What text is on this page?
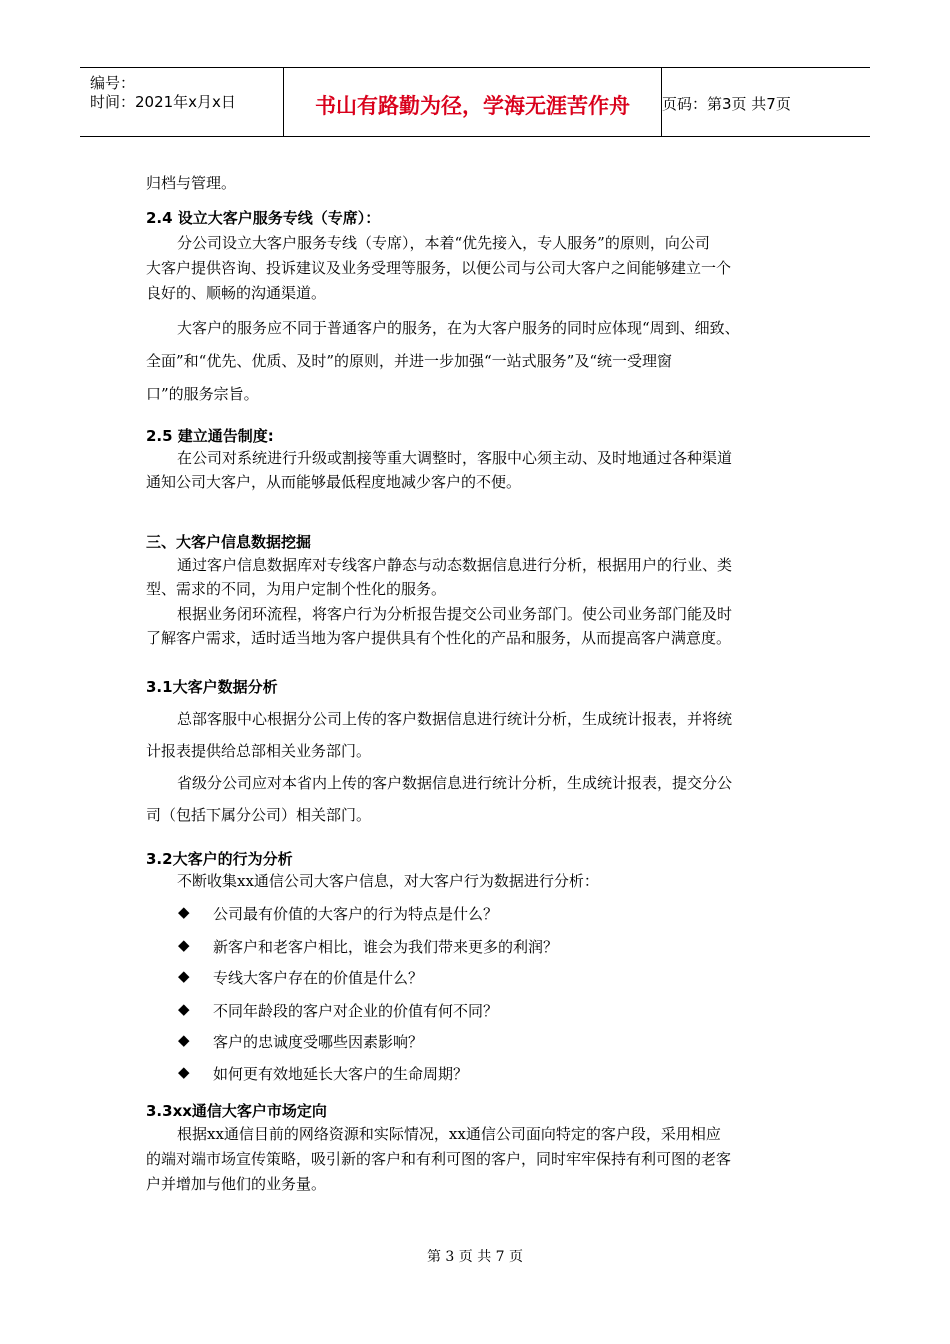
编号：
时间：2021年x月x日	书山有路勤为径，学海无涯苦作舟	页码：第3页 共7页
归档与管理。
2.4 设立大客户服务专线（专席）：
分公司设立大客户服务专线（专席），本着“优先接入，专人服务”的原则，向公司
大客户提供咨询、投诉建议及业务受理等服务，以便公司与公司大客户之间能够建立一个
良好的、顺畅的沟通渠道。
大客户的服务应不同于普通客户的服务，在为大客户服务的同时应体现“周到、细致、
全面”和“优先、优质、及时”的原则，并进一步加强“一站式服务”及“统一受理窗
口”的服务宗旨。
2.5 建立通告制度:
在公司对系统进行升级或割接等重大调整时，客服中心须主动、及时地通过各种渠道
通知公司大客户，从而能够最低程度地减少客户的不便。
三、大客户信息数据挖掘
通过客户信息数据库对专线客户静态与动态数据信息进行分析，根据用户的行业、类
型、需求的不同，为用户定制个性化的服务。
根据业务闭环流程，将客户行为分析报告提交公司业务部门。使公司业务部门能及时
了解客户需求，适时适当地为客户提供具有个性化的产品和服务，从而提高客户满意度。
3.1大客户数据分析
总部客服中心根据分公司上传的客户数据信息进行统计分析，生成统计报表，并将统
计报表提供给总部相关业务部门。
省级分公司应对本省内上传的客户数据信息进行统计分析，生成统计报表，提交分公
司（包括下属分公司）相关部门。
3.2大客户的行为分析
不断收集xx通信公司大客户信息，对大客户行为数据进行分析：
◆ 公司最有价值的大客户的行为特点是什么？
◆ 新客户和老客户相比，谁会为我们带来更多的利润？
◆ 专线大客户存在的价值是什么？
◆ 不同年龄段的客户对企业的价值有何不同？
◆ 客户的忠诚度受哪些因素影响？
◆ 如何更有效地延长大客户的生命周期？
3.3xx通信大客户市场定向
根据xx通信目前的网络资源和实际情况，xx通信公司面向特定的客户段，采用相应
的端对端市场宣传策略，吸引新的客户和有利可图的客户，同时牢牢保持有利可图的老客
户并增加与他们的业务量。
第 3 页 共 7 页
